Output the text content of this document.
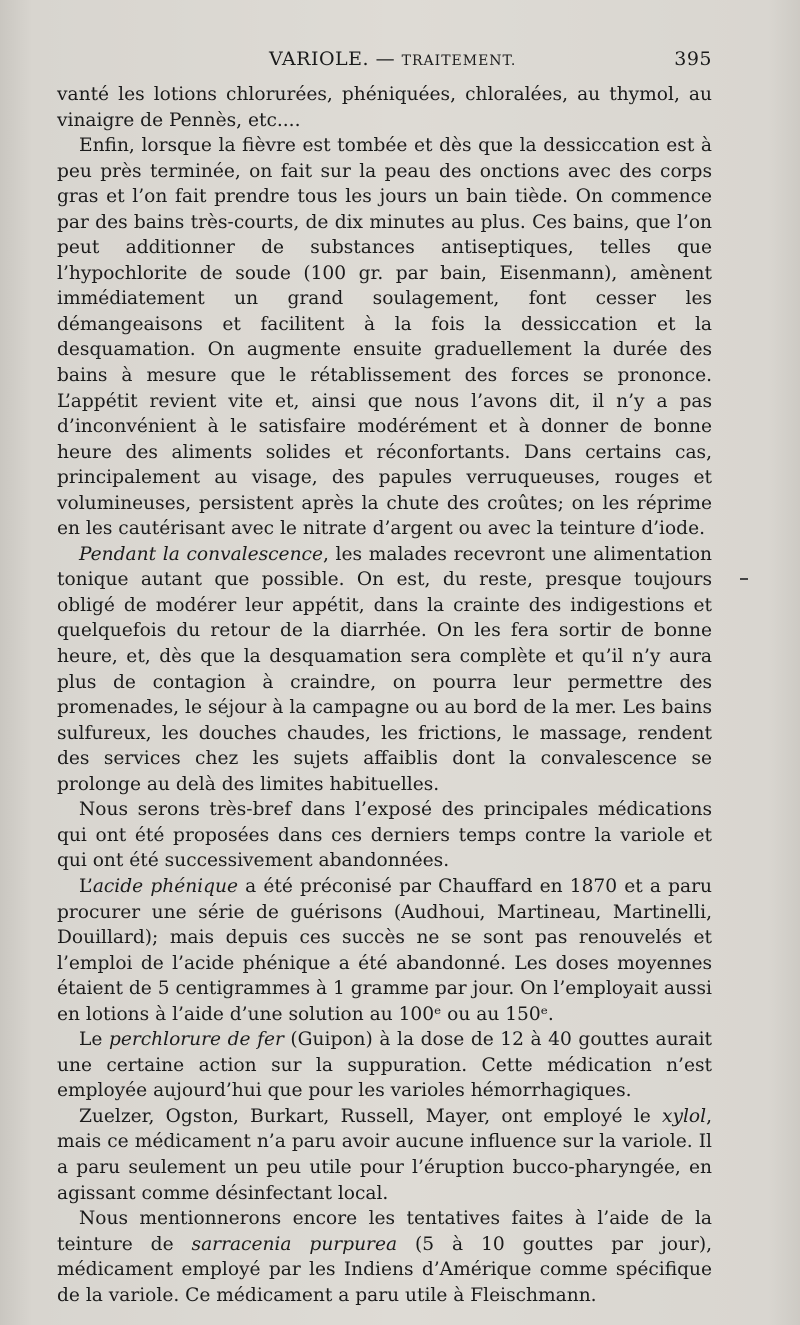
VARIOLE. — TRAITEMENT.	395

vanté les lotions chlorurées, phéniquées, chloralées, au thymol, au vinaigre de Pennès, etc....

Enfin, lorsque la fièvre est tombée et dès que la dessiccation est à peu près terminée, on fait sur la peau des onctions avec des corps gras et l’on fait prendre tous les jours un bain tiède. On commence par des bains très-courts, de dix minutes au plus. Ces bains, que l’on peut additionner de substances antiseptiques, telles que l’hypochlorite de soude (100 gr. par bain, Eisenmann), amènent immédiatement un grand soulagement, font cesser les démangeaisons et facilitent à la fois la dessiccation et la desquamation. On augmente ensuite graduellement la durée des bains à mesure que le rétablissement des forces se prononce. L’appétit revient vite et, ainsi que nous l’avons dit, il n’y a pas d’inconvénient à le satisfaire modérément et à donner de bonne heure des aliments solides et réconfortants. Dans certains cas, principalement au visage, des papules verruqueuses, rouges et volumineuses, persistent après la chute des croûtes; on les réprime en les cautérisant avec le nitrate d’argent ou avec la teinture d’iode.

Pendant la convalescence, les malades recevront une alimentation tonique autant que possible. On est, du reste, presque toujours obligé de modérer leur appétit, dans la crainte des indigestions et quelquefois du retour de la diarrhée. On les fera sortir de bonne heure, et, dès que la desquamation sera complète et qu’il n’y aura plus de contagion à craindre, on pourra leur permettre des promenades, le séjour à la campagne ou au bord de la mer. Les bains sulfureux, les douches chaudes, les frictions, le massage, rendent des services chez les sujets affaiblis dont la convalescence se prolonge au delà des limites habituelles.

Nous serons très-bref dans l’exposé des principales médications qui ont été proposées dans ces derniers temps contre la variole et qui ont été successivement abandonnées.

L’acide phénique a été préconisé par Chauffard en 1870 et a paru procurer une série de guérisons (Audhoui, Martineau, Martinelli, Douillard); mais depuis ces succès ne se sont pas renouvelés et l’emploi de l’acide phénique a été abandonné. Les doses moyennes étaient de 5 centigrammes à 1 gramme par jour. On l’employait aussi en lotions à l’aide d’une solution au 100ᵉ ou au 150ᵉ.

Le perchlorure de fer (Guipon) à la dose de 12 à 40 gouttes aurait une certaine action sur la suppuration. Cette médication n’est employée aujourd’hui que pour les varioles hémorrhagiques.

Zuelzer, Ogston, Burkart, Russell, Mayer, ont employé le xylol, mais ce médicament n’a paru avoir aucune influence sur la variole. Il a paru seulement un peu utile pour l’éruption bucco-pharyngée, en agissant comme désinfectant local.

Nous mentionnerons encore les tentatives faites à l’aide de la teinture de sarracenia purpurea (5 à 10 gouttes par jour), médicament employé par les Indiens d’Amérique comme spécifique de la variole. Ce médicament a paru utile à Fleischmann.
